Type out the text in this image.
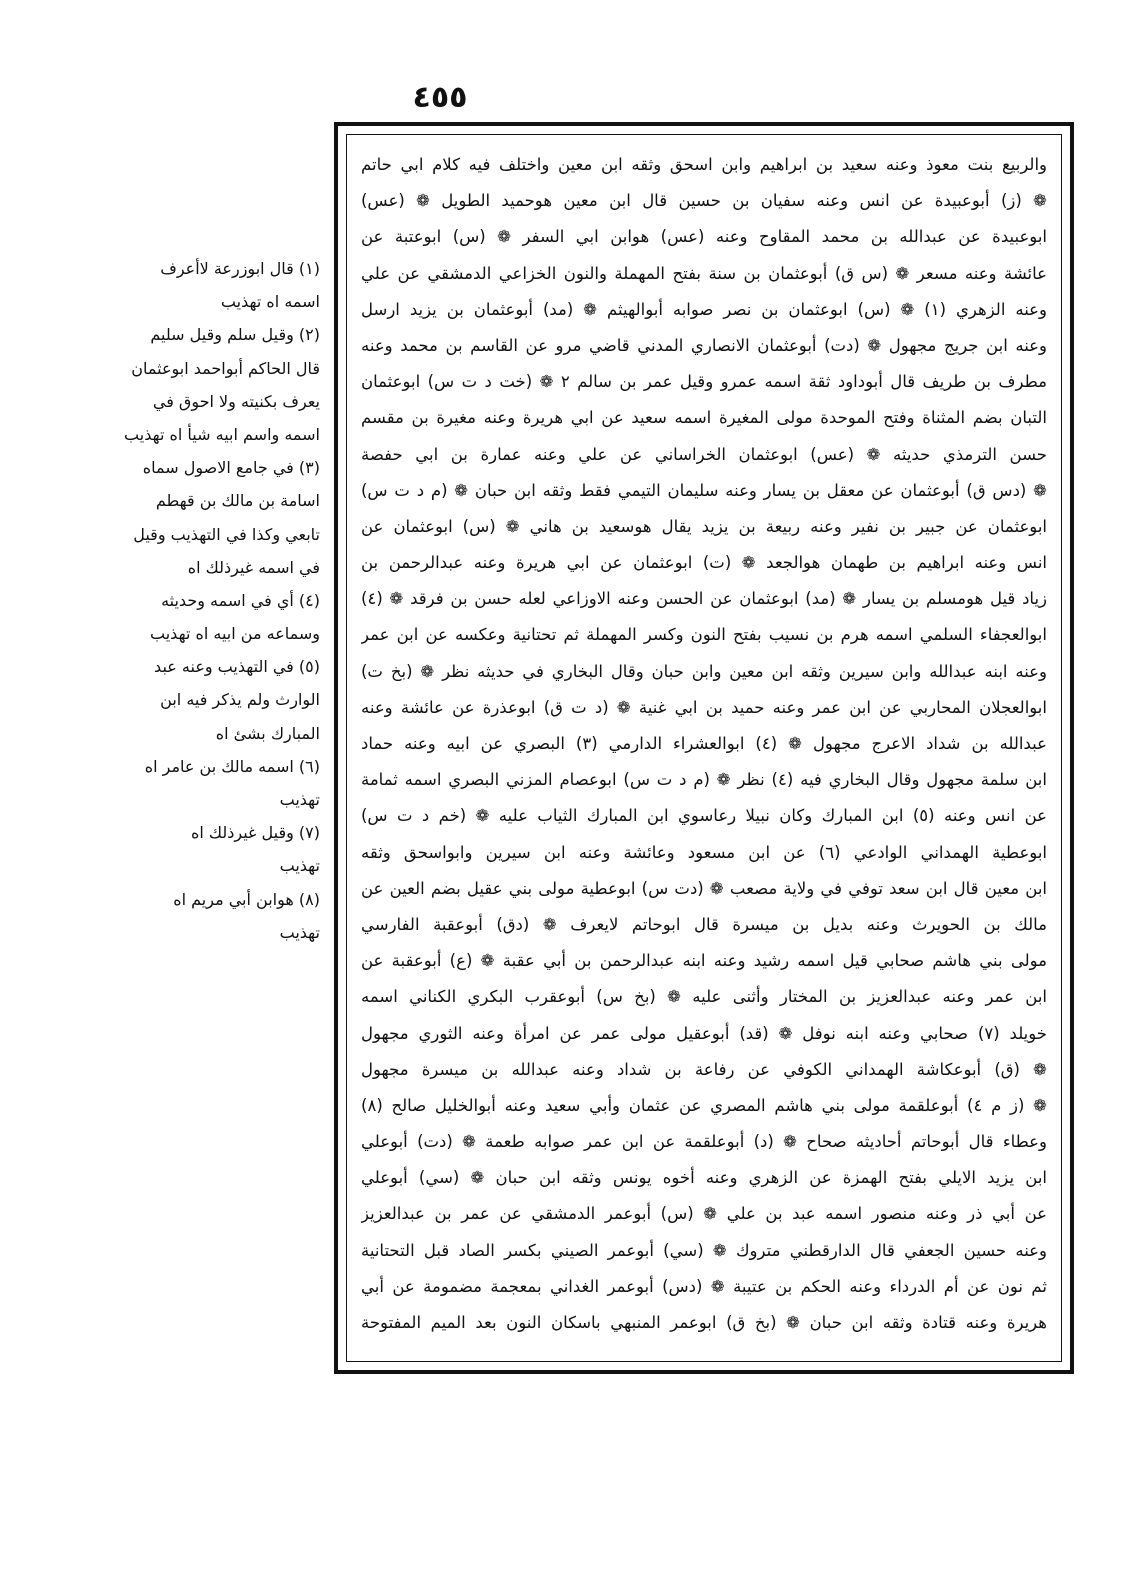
٤٥٥
والربيع بنت معوذ وعنه سعيد بن ابراهيم وابن اسحق وثقه ابن معين واختلف فيه كلام ابي حاتم
❁ (ز) أبوعبيدة عن انس وعنه سفيان بن حسين قال ابن معين هوحميد الطويل ❁ (عس)
ابوعبيدة عن عبدالله بن محمد المقاوح وعنه (عس) هوابن ابي السفر ❁ (س) ابوعتبة عن
عائشة وعنه مسعر ❁ (س ق) أبوعثمان بن سنة بفتح المهملة والنون الخزاعي الدمشقي عن علي
وعنه الزهري (١) ❁ (س) ابوعثمان بن نصر صوابه أبوالهيثم ❁ (مد) أبوعثمان بن يزيد ارسل
وعنه ابن جريج مجهول ❁ (دت) أبوعثمان الانصاري المدني قاضي مرو عن القاسم بن محمد وعنه
مطرف بن طريف قال أبوداود ثقة اسمه عمرو وقيل عمر بن سالم ٢ ❁ (خت د ت س) ابوعثمان
التبان بضم المثناة وفتح الموحدة مولى المغيرة اسمه سعيد عن ابي هريرة وعنه مغيرة بن مقسم
حسن الترمذي حديثه ❁ (عس) ابوعثمان الخراساني عن علي وعنه عمارة بن ابي حفصة
❁ (دس ق) أبوعثمان عن معقل بن يسار وعنه سليمان التيمي فقط وثقه ابن حبان ❁ (م د ت س)
ابوعثمان عن جبير بن نفير وعنه ربيعة بن يزيد يقال هوسعيد بن هاني ❁ (س) ابوعثمان عن
انس وعنه ابراهيم بن طهمان هوالجعد ❁ (ت) ابوعثمان عن ابي هريرة وعنه عبدالرحمن بن
زياد قيل هومسلم بن يسار ❁ (مد) ابوعثمان عن الحسن وعنه الاوزاعي لعله حسن بن فرقد ❁ (٤)
ابوالعجفاء السلمي اسمه هرم بن نسيب بفتح النون وكسر المهملة ثم تحتانية وعكسه عن ابن عمر
وعنه ابنه عبدالله وابن سيرين وثقه ابن معين وابن حبان وقال البخاري في حديثه نظر ❁ (بخ ت)
ابوالعجلان المحاربي عن ابن عمر وعنه حميد بن ابي غنية ❁ (د ت ق) ابوعذرة عن عائشة وعنه
عبدالله بن شداد الاعرج مجهول ❁ (٤) ابوالعشراء الدارمي (٣) البصري عن ابيه وعنه حماد
ابن سلمة مجهول وقال البخاري فيه (٤) نظر ❁ (م د ت س) ابوعصام المزني البصري اسمه ثمامة
عن انس وعنه (٥) ابن المبارك وكان نبيلا رعاسوي ابن المبارك الثياب عليه ❁ (خم د ت س)
ابوعطية الهمداني الوادعي (٦) عن ابن مسعود وعائشة وعنه ابن سيرين وابواسحق وثقه
ابن معين قال ابن سعد توفي في ولاية مصعب ❁ (دت س) ابوعطية مولى بني عقيل بضم العين عن
مالك بن الحويرث وعنه بديل بن ميسرة قال ابوحاتم لايعرف ❁ (دق) أبوعقبة الفارسي
مولى بني هاشم صحابي قيل اسمه رشيد وعنه ابنه عبدالرحمن بن أبي عقبة ❁ (ع) أبوعقبة عن
ابن عمر وعنه عبدالعزيز بن المختار وأثنى عليه ❁ (بخ س) أبوعقرب البكري الكناني اسمه
خويلد (٧) صحابي وعنه ابنه نوفل ❁ (قد) أبوعقيل مولى عمر عن امرأة وعنه الثوري مجهول
❁ (ق) أبوعكاشة الهمداني الكوفي عن رفاعة بن شداد وعنه عبدالله بن ميسرة مجهول
❁ (ز م ٤) أبوعلقمة مولى بني هاشم المصري عن عثمان وأبي سعيد وعنه أبوالخليل صالح (٨)
وعطاء قال أبوحاتم أحاديثه صحاح ❁ (د) أبوعلقمة عن ابن عمر صوابه طعمة ❁ (دت) أبوعلي
ابن يزيد الايلي بفتح الهمزة عن الزهري وعنه أخوه يونس وثقه ابن حبان ❁ (سي) أبوعلي
عن أبي ذر وعنه منصور اسمه عبد بن علي ❁ (س) أبوعمر الدمشقي عن عمر بن عبدالعزيز
وعنه حسين الجعفي قال الدارقطني متروك ❁ (سي) أبوعمر الصيني بكسر الصاد قبل التحتانية
ثم نون عن أم الدرداء وعنه الحكم بن عتيبة ❁ (دس) أبوعمر الغداني بمعجمة مضمومة عن أبي
هريرة وعنه قتادة وثقه ابن حبان ❁ (بخ ق) ابوعمر المنبهي باسكان النون بعد الميم المفتوحة
(١) قال ابوزرعة لاأعرف
اسمه اه تهذيب
(٢) وقيل سلم وقيل سليم
قال الحاكم أبواحمد ابوعثمان
يعرف بكنيته ولا احوق في
اسمه واسم ابيه شيأ اه تهذيب
(٣) في جامع الاصول سماه
اسامة بن مالك بن قهطم
تابعي وكذا في التهذيب وقيل
في اسمه غيرذلك اه
(٤) أي في اسمه وحديثه
وسماعه من ابيه اه تهذيب
(٥) في التهذيب وعنه عبد
الوارث ولم يذكر فيه ابن
المبارك بشئ اه
(٦) اسمه مالك بن عامر اه
تهذيب
(٧) وقيل غيرذلك اه
تهذيب
(٨) هوابن أبي مريم اه
تهذيب
